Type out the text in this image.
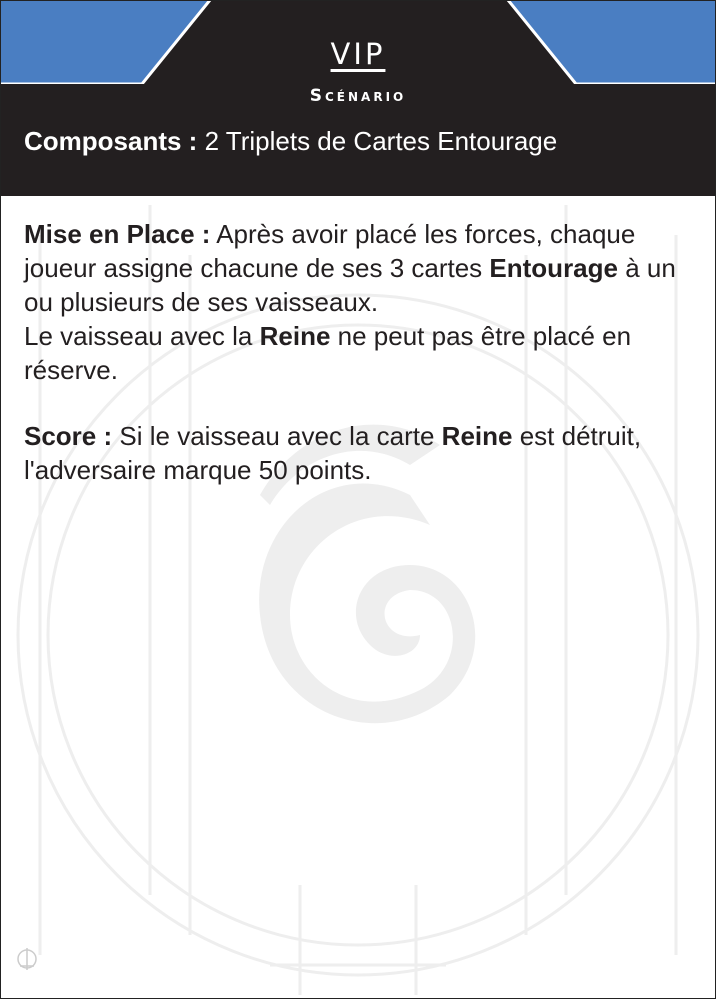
VIP
Scénario
Composants : 2 Triplets de Cartes Entourage

Mise en Place : Après avoir placé les forces, chaque joueur assigne chacune de ses 3 cartes Entourage à un ou plusieurs de ses vaisseaux.

Le vaisseau avec la Reine ne peut pas être placé en réserve.

Score : Si le vaisseau avec la carte Reine est détruit, l'adversaire marque 50 points.
